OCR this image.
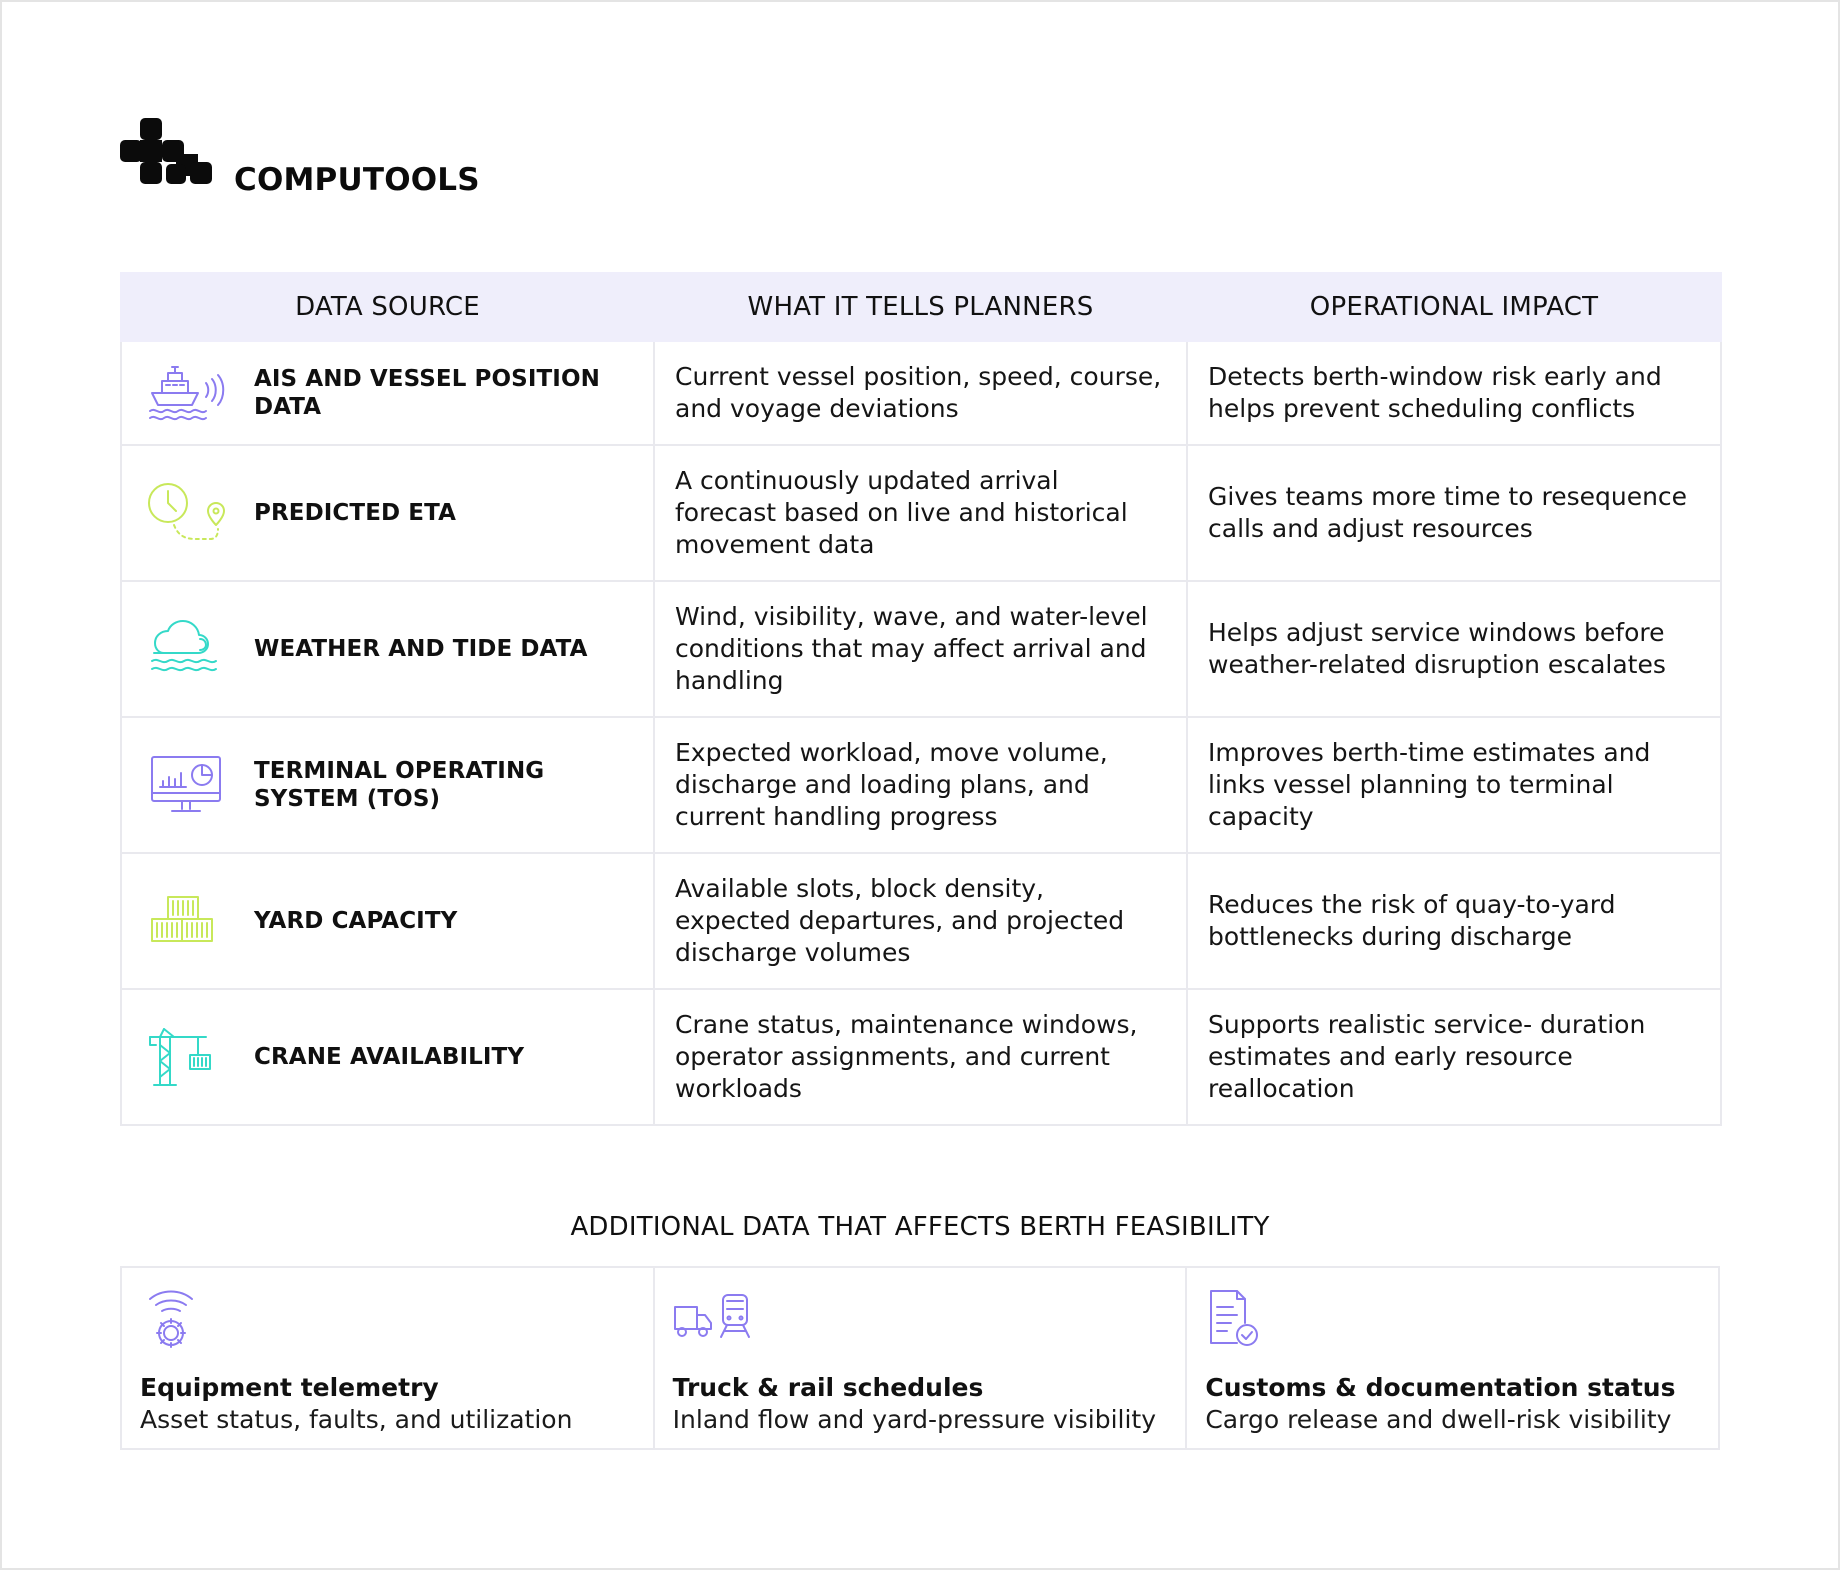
COMPUTOOLS
DATA SOURCE	WHAT IT TELLS PLANNERS	OPERATIONAL IMPACT

AIS AND VESSEL POSITION DATA	Current vessel position, speed, course, and voyage deviations	Detects berth-window risk early and helps prevent scheduling conflicts

PREDICTED ETA	A continuously updated arrival forecast based on live and historical movement data	Gives teams more time to resequence calls and adjust resources

WEATHER AND TIDE DATA	Wind, visibility, wave, and water-level conditions that may affect arrival and handling	Helps adjust service windows before weather-related disruption escalates

TERMINAL OPERATING SYSTEM (TOS)	Expected workload, move volume, discharge and loading plans, and current handling progress	Improves berth-time estimates and links vessel planning to terminal capacity

YARD CAPACITY	Available slots, block density, expected departures, and projected discharge volumes	Reduces the risk of quay-to-yard bottlenecks during discharge

CRANE AVAILABILITY	Crane status, maintenance windows, operator assignments, and current workloads	Supports realistic service- duration estimates and early resource reallocation
ADDITIONAL DATA THAT AFFECTS BERTH FEASIBILITY
Equipment telemetry
Asset status, faults, and utilization
Truck & rail schedules
Inland flow and yard-pressure visibility
Customs & documentation status
Cargo release and dwell-risk visibility
